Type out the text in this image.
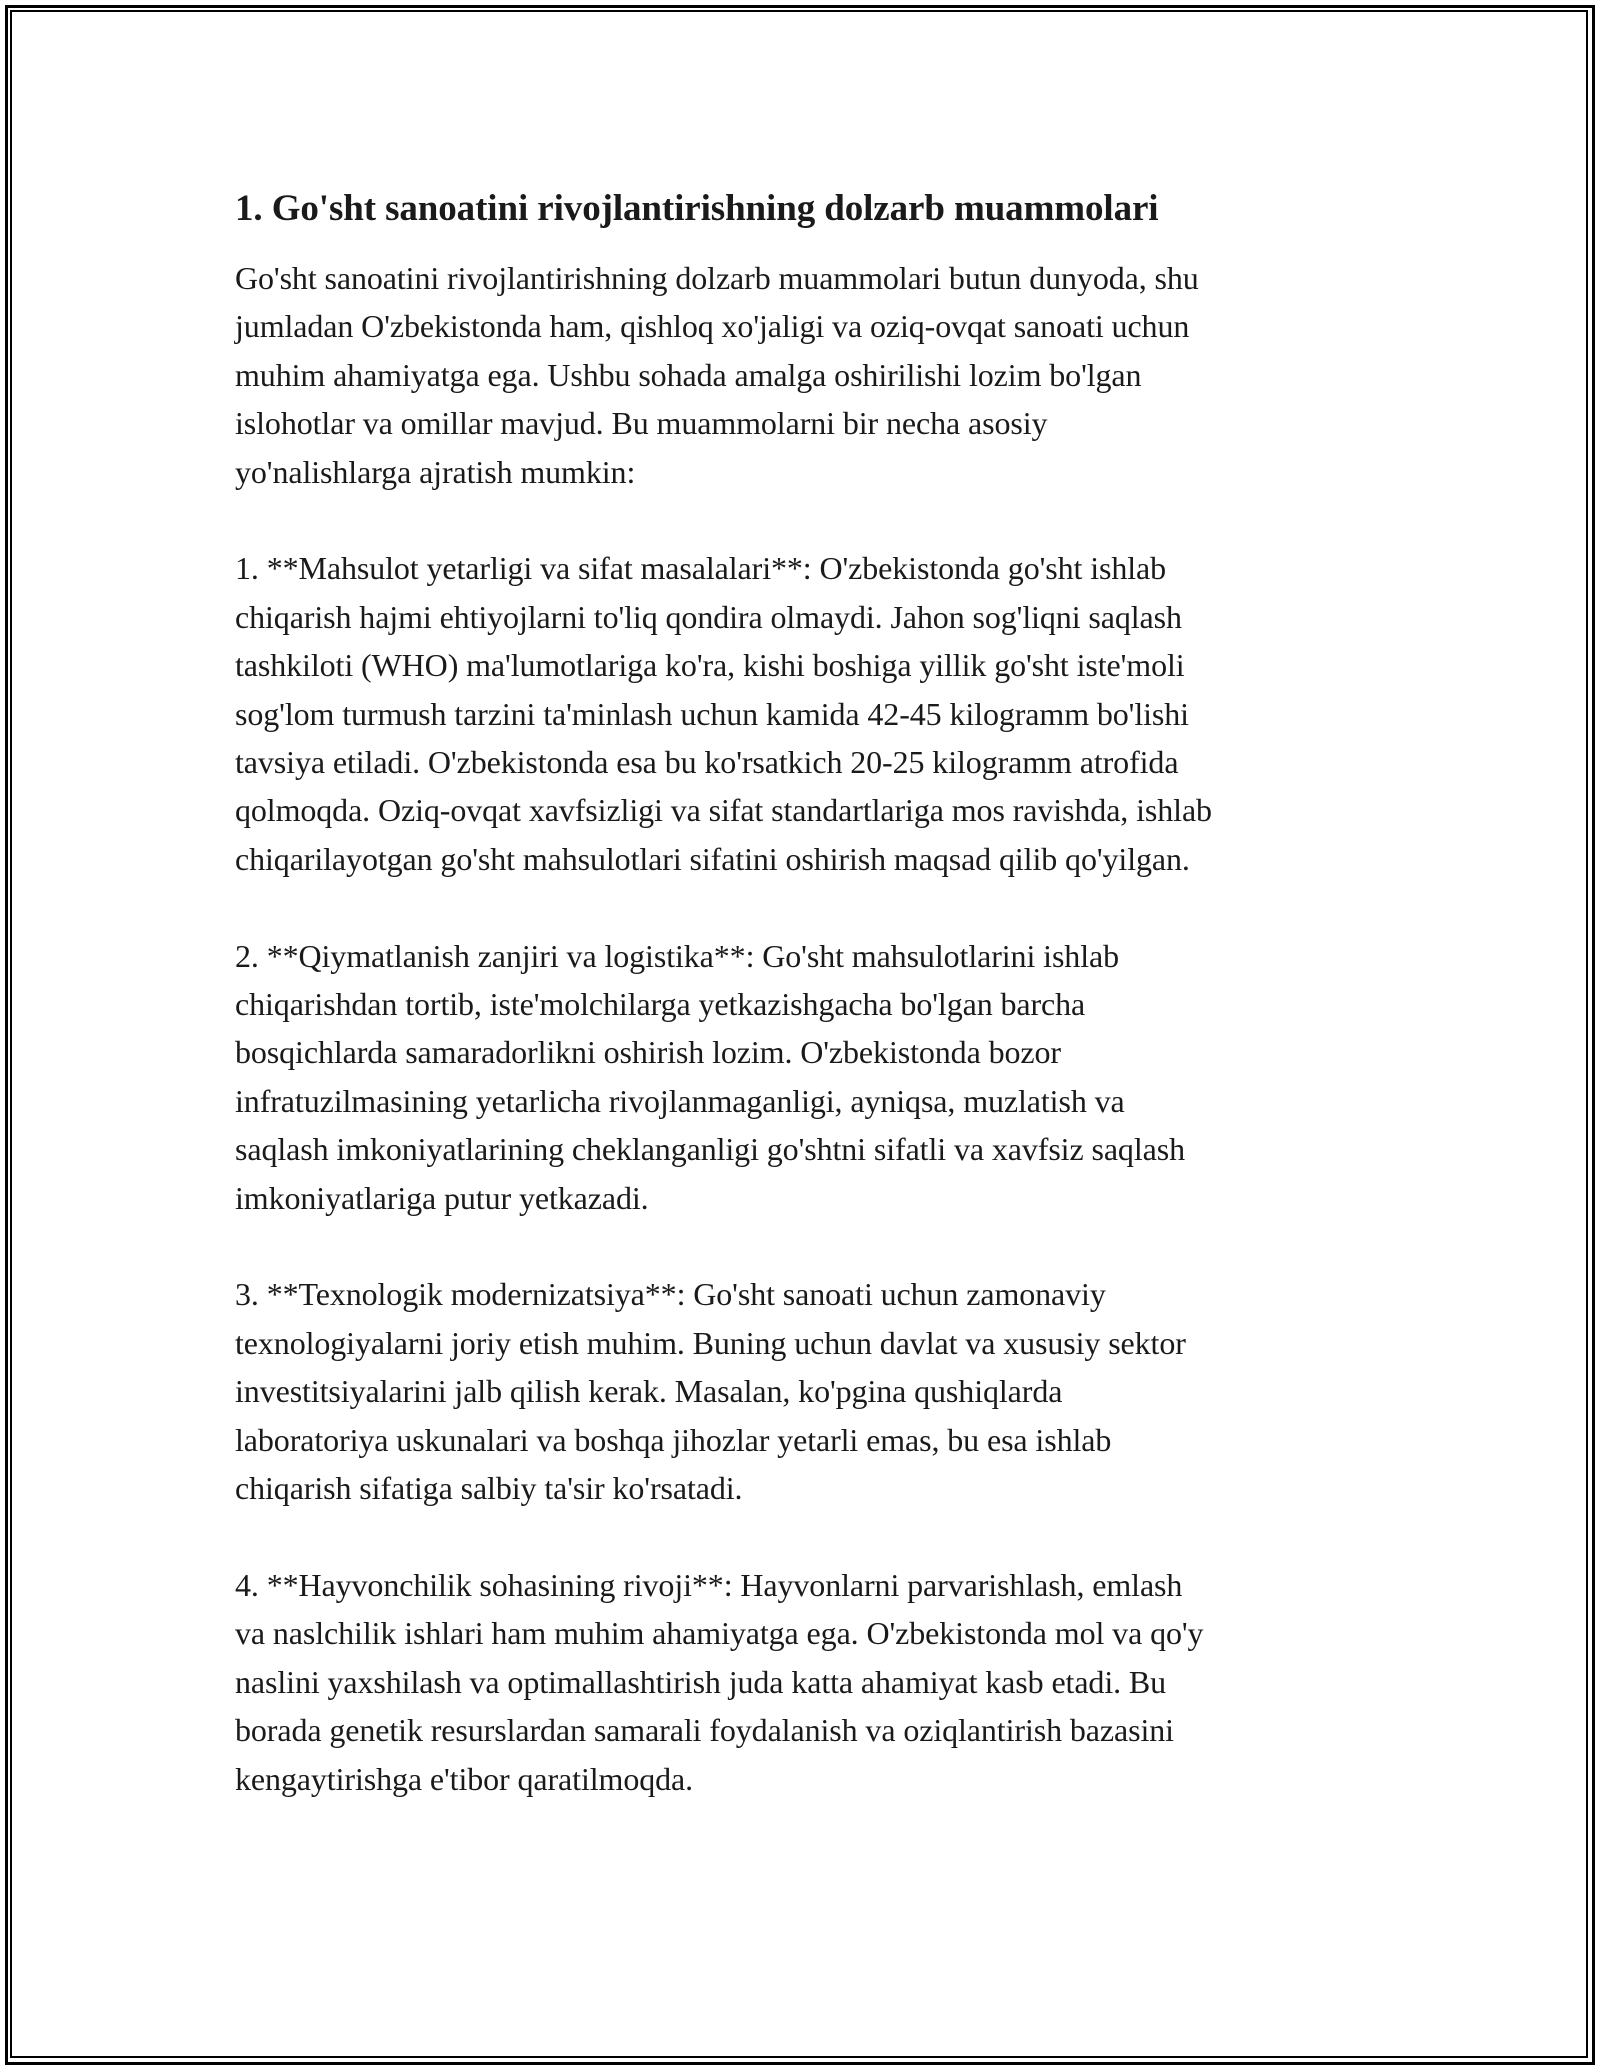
1. Go'sht sanoatini rivojlantirishning dolzarb muammolari

Go'sht sanoatini rivojlantirishning dolzarb muammolari butun dunyoda, shu
jumladan O'zbekistonda ham, qishloq xo'jaligi va oziq-ovqat sanoati uchun
muhim ahamiyatga ega. Ushbu sohada amalga oshirilishi lozim bo'lgan
islohotlar va omillar mavjud. Bu muammolarni bir necha asosiy
yo'nalishlarga ajratish mumkin:

1. **Mahsulot yetarligi va sifat masalalari**: O'zbekistonda go'sht ishlab
chiqarish hajmi ehtiyojlarni to'liq qondira olmaydi. Jahon sog'liqni saqlash
tashkiloti (WHO) ma'lumotlariga ko'ra, kishi boshiga yillik go'sht iste'moli
sog'lom turmush tarzini ta'minlash uchun kamida 42-45 kilogramm bo'lishi
tavsiya etiladi. O'zbekistonda esa bu ko'rsatkich 20-25 kilogramm atrofida
qolmoqda. Oziq-ovqat xavfsizligi va sifat standartlariga mos ravishda, ishlab
chiqarilayotgan go'sht mahsulotlari sifatini oshirish maqsad qilib qo'yilgan.

2. **Qiymatlanish zanjiri va logistika**: Go'sht mahsulotlarini ishlab
chiqarishdan tortib, iste'molchilarga yetkazishgacha bo'lgan barcha
bosqichlarda samaradorlikni oshirish lozim. O'zbekistonda bozor
infratuzilmasining yetarlicha rivojlanmaganligi, ayniqsa, muzlatish va
saqlash imkoniyatlarining cheklanganligi go'shtni sifatli va xavfsiz saqlash
imkoniyatlariga putur yetkazadi.

3. **Texnologik modernizatsiya**: Go'sht sanoati uchun zamonaviy
texnologiyalarni joriy etish muhim. Buning uchun davlat va xususiy sektor
investitsiyalarini jalb qilish kerak. Masalan, ko'pgina qushiqlarda
laboratoriya uskunalari va boshqa jihozlar yetarli emas, bu esa ishlab
chiqarish sifatiga salbiy ta'sir ko'rsatadi.

4. **Hayvonchilik sohasining rivoji**: Hayvonlarni parvarishlash, emlash
va naslchilik ishlari ham muhim ahamiyatga ega. O'zbekistonda mol va qo'y
naslini yaxshilash va optimallashtirish juda katta ahamiyat kasb etadi. Bu
borada genetik resurslardan samarali foydalanish va oziqlantirish bazasini
kengaytirishga e'tibor qaratilmoqda.
